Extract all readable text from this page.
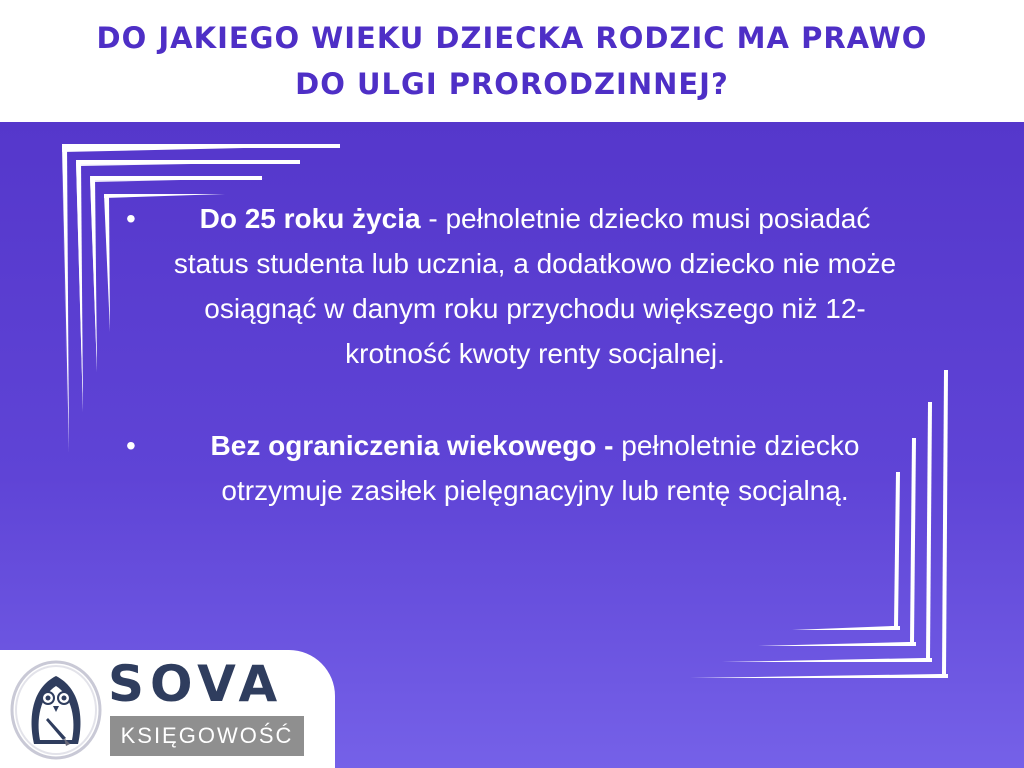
DO JAKIEGO WIEKU DZIECKA RODZIC MA PRAWO
DO ULGI PRORODZINNEJ?

• Do 25 roku życia - pełnoletnie dziecko musi posiadać status studenta lub ucznia, a dodatkowo dziecko nie może osiągnąć w danym roku przychodu większego niż 12-krotność kwoty renty socjalnej.

•	Bez ograniczenia wiekowego - pełnoletnie dziecko otrzymuje zasiłek pielęgnacyjny lub rentę socjalną.

SOVA
KSIĘGOWOŚĆ
